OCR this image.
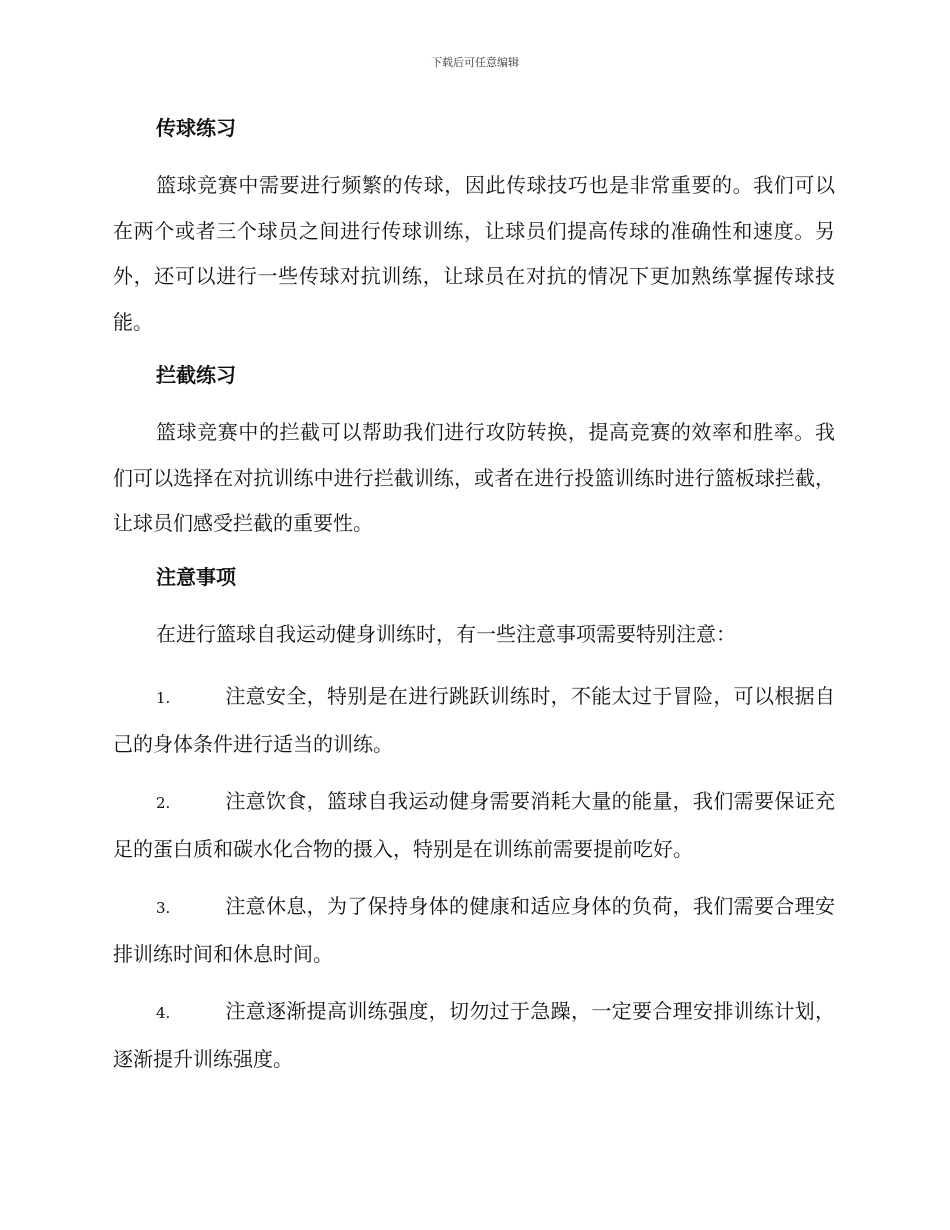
下载后可任意编辑
传球练习

篮球竞赛中需要进行频繁的传球，因此传球技巧也是非常重要的。我们可以在两个或者三个球员之间进行传球训练，让球员们提高传球的准确性和速度。另外，还可以进行一些传球对抗训练，让球员在对抗的情况下更加熟练掌握传球技能。

拦截练习

篮球竞赛中的拦截可以帮助我们进行攻防转换，提高竞赛的效率和胜率。我们可以选择在对抗训练中进行拦截训练，或者在进行投篮训练时进行篮板球拦截，让球员们感受拦截的重要性。

注意事项

在进行篮球自我运动健身训练时，有一些注意事项需要特别注意：

1.	注意安全，特别是在进行跳跃训练时，不能太过于冒险，可以根据自己的身体条件进行适当的训练。

2.	注意饮食，篮球自我运动健身需要消耗大量的能量，我们需要保证充足的蛋白质和碳水化合物的摄入，特别是在训练前需要提前吃好。

3.	注意休息，为了保持身体的健康和适应身体的负荷，我们需要合理安排训练时间和休息时间。

4.	注意逐渐提高训练强度，切勿过于急躁，一定要合理安排训练计划，逐渐提升训练强度。
